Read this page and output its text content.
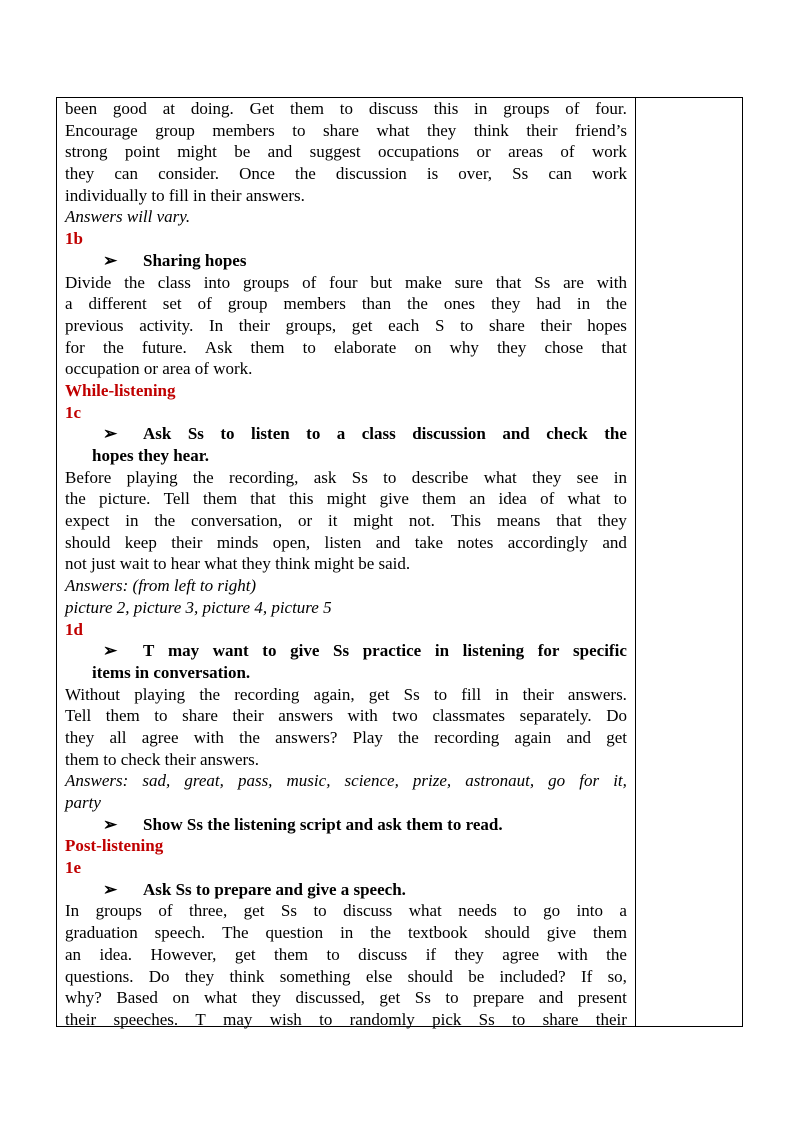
been good at doing. Get them to discuss this in groups of four.
Encourage group members to share what they think their friend’s
strong point might be and suggest occupations or areas of work
they can consider. Once the discussion is over, Ss can work
individually to fill in their answers.
Answers will vary.
1b
➢ Sharing hopes
Divide the class into groups of four but make sure that Ss are with
a different set of group members than the ones they had in the
previous activity. In their groups, get each S to share their hopes
for the future. Ask them to elaborate on why they chose that
occupation or area of work.
While-listening
1c
➢	Ask Ss to listen to a class discussion and check the
hopes they hear.
Before playing the recording, ask Ss to describe what they see in
the picture. Tell them that this might give them an idea of what to
expect in the conversation, or it might not. This means that they
should keep their minds open, listen and take notes accordingly and
not just wait to hear what they think might be said.
Answers: (from left to right)
picture 2, picture 3, picture 4, picture 5
1d
➢	T may want to give Ss practice in listening for specific
items in conversation.
Without playing the recording again, get Ss to fill in their answers.
Tell them to share their answers with two classmates separately. Do
they all agree with the answers? Play the recording again and get
them to check their answers.
Answers: sad, great, pass, music, science, prize, astronaut, go for it,
party
➢ Show Ss the listening script and ask them to read.
Post-listening
1e
➢ Ask Ss to prepare and give a speech.
In groups of three, get Ss to discuss what needs to go into a
graduation speech. The question in the textbook should give them
an idea. However, get them to discuss if they agree with the
questions. Do they think something else should be included? If so,
why? Based on what they discussed, get Ss to prepare and present
their speeches. T may wish to randomly pick Ss to share their
